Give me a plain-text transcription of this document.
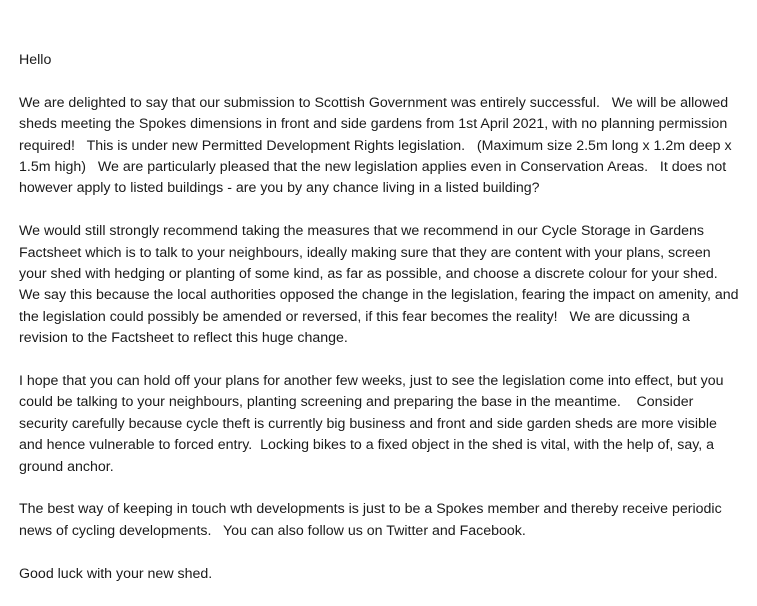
Hello
We are delighted to say that our submission to Scottish Government was entirely successful.   We will be allowed sheds meeting the Spokes dimensions in front and side gardens from 1st April 2021, with no planning permission required!   This is under new Permitted Development Rights legislation.   (Maximum size 2.5m long x 1.2m deep x 1.5m high)   We are particularly pleased that the new legislation applies even in Conservation Areas.   It does not however apply to listed buildings - are you by any chance living in a listed building?
We would still strongly recommend taking the measures that we recommend in our Cycle Storage in Gardens Factsheet which is to talk to your neighbours, ideally making sure that they are content with your plans, screen your shed with hedging or planting of some kind, as far as possible, and choose a discrete colour for your shed. We say this because the local authorities opposed the change in the legislation, fearing the impact on amenity, and the legislation could possibly be amended or reversed, if this fear becomes the reality!   We are dicussing a revision to the Factsheet to reflect this huge change.
I hope that you can hold off your plans for another few weeks, just to see the legislation come into effect, but you could be talking to your neighbours, planting screening and preparing the base in the meantime.    Consider security carefully because cycle theft is currently big business and front and side garden sheds are more visible and hence vulnerable to forced entry.  Locking bikes to a fixed object in the shed is vital, with the help of, say, a ground anchor.
The best way of keeping in touch wth developments is just to be a Spokes member and thereby receive periodic news of cycling developments.   You can also follow us on Twitter and Facebook.
Good luck with your new shed.
